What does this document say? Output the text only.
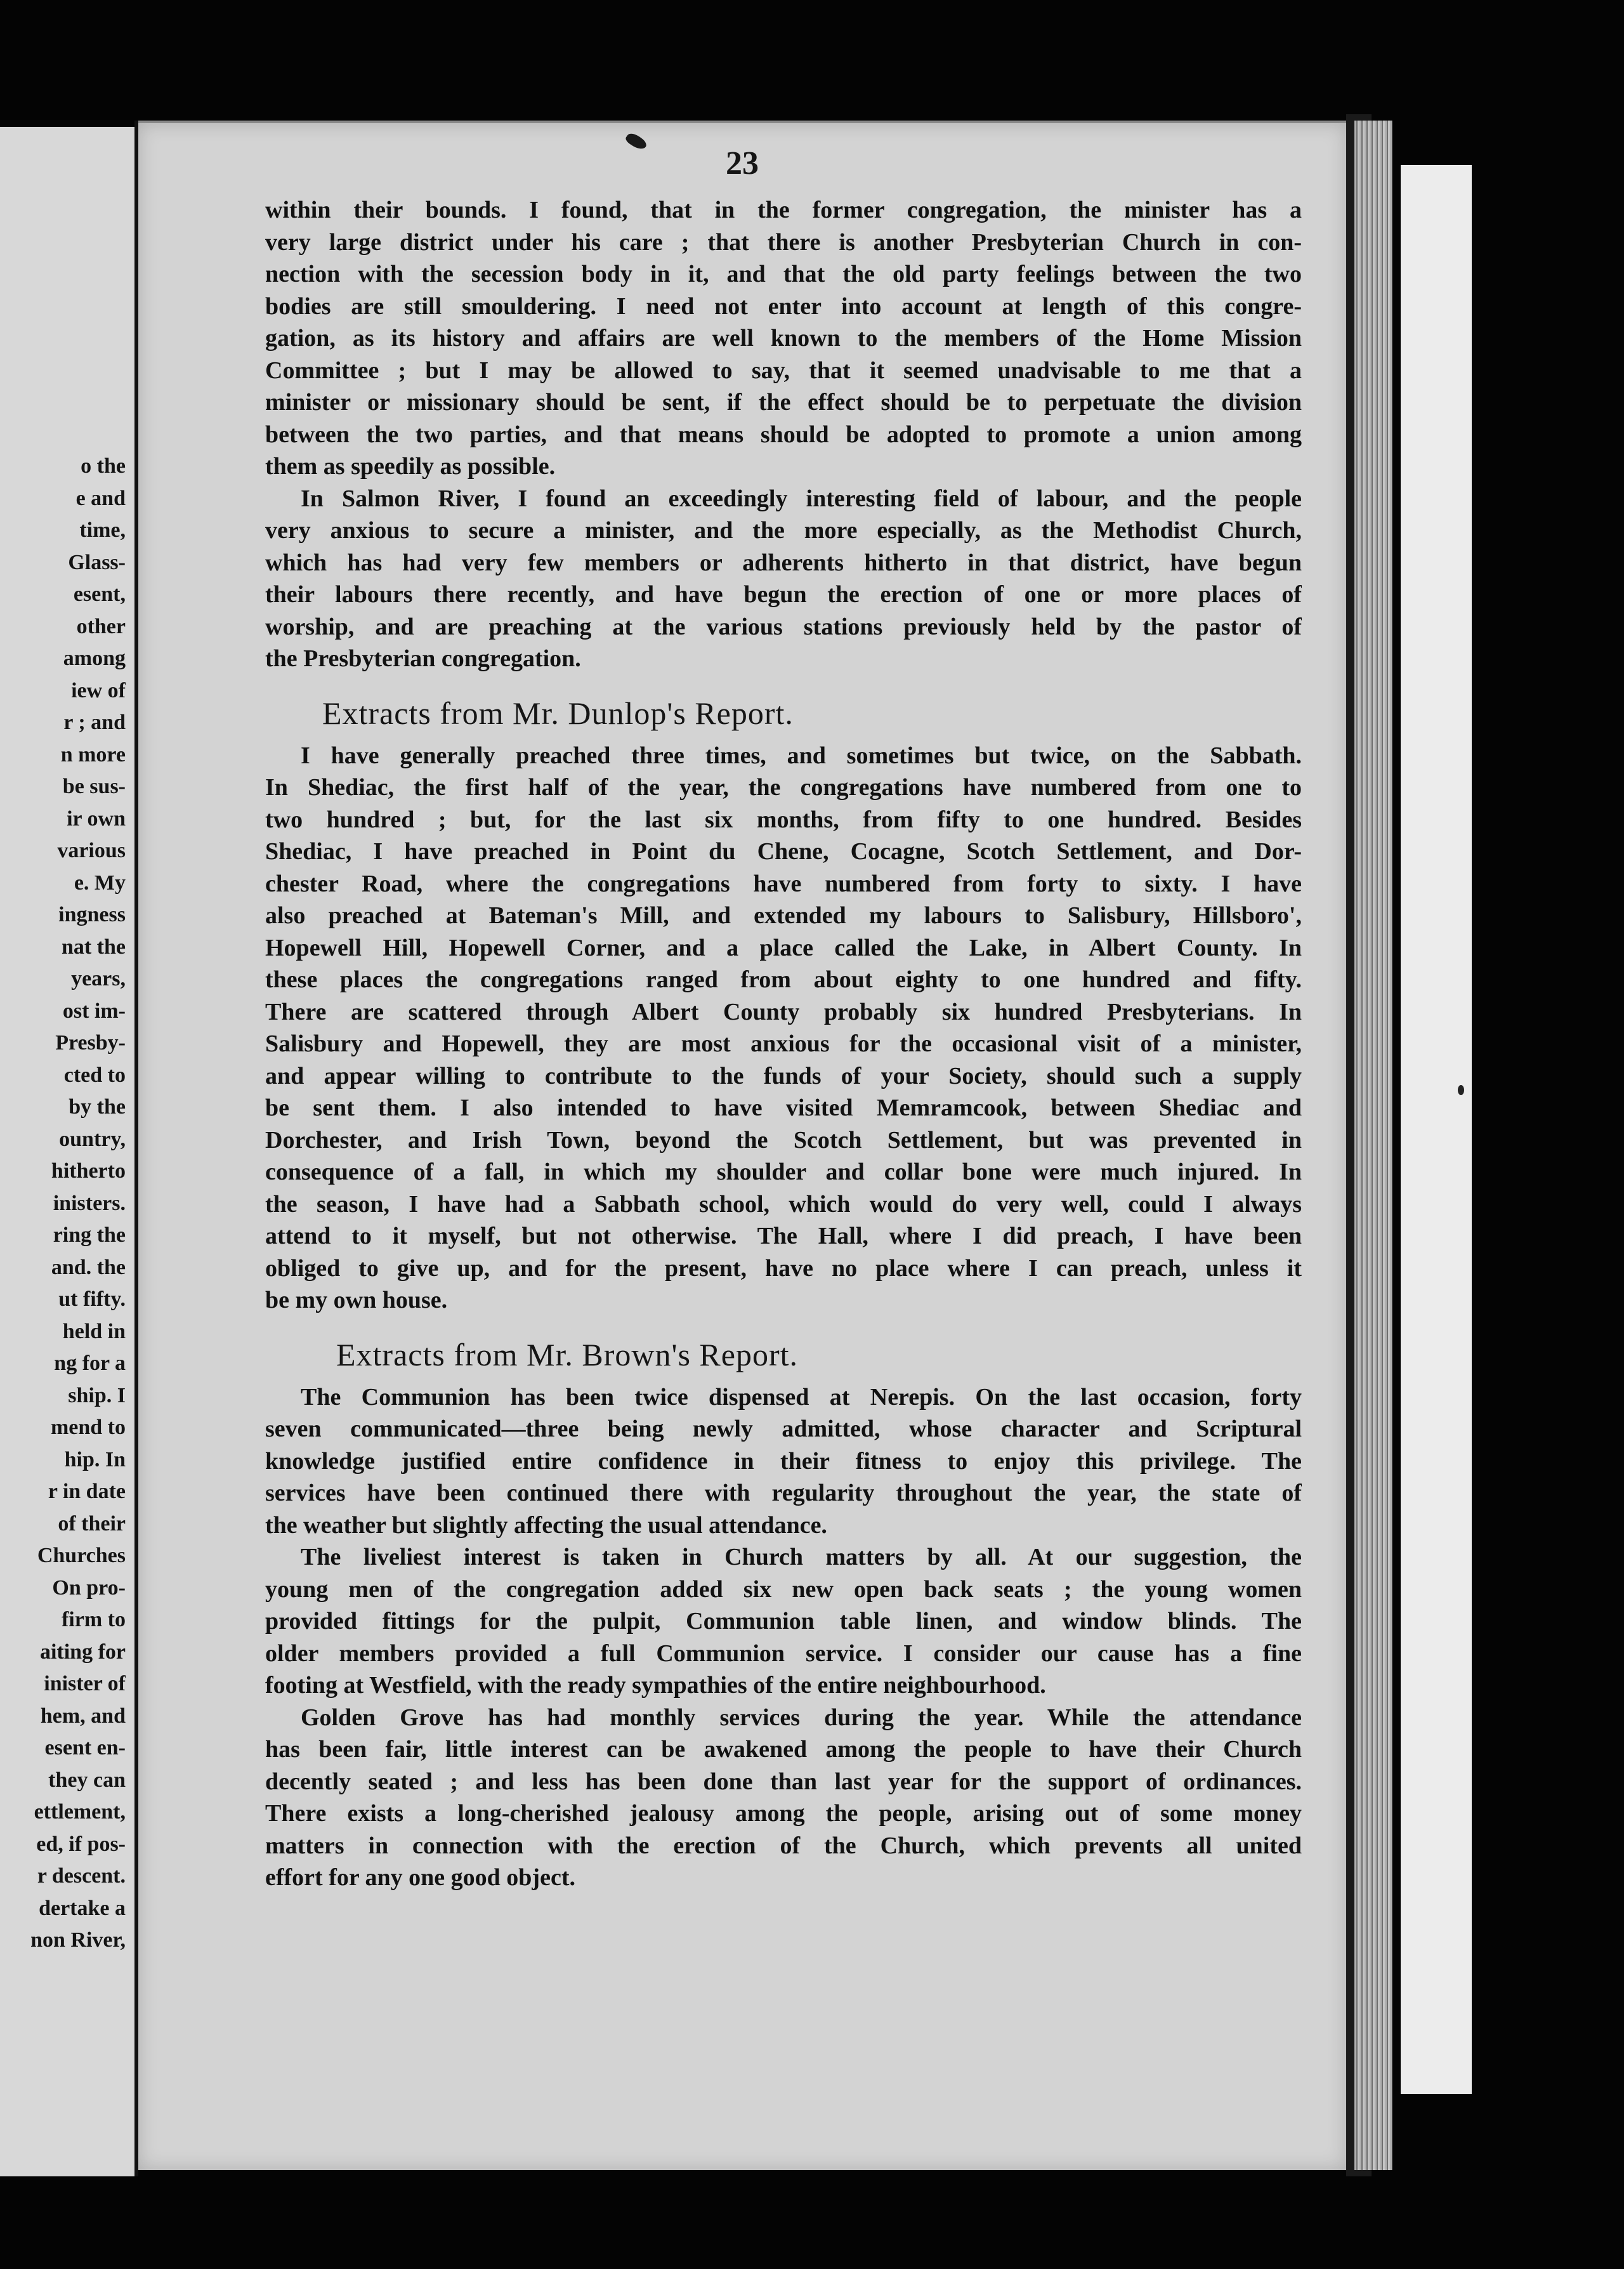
o the
e and
time,
Glass-
esent,
other
among
iew of
r ; and
n more
be sus-
ir own
various
e. My
ingness
nat the
years,
ost im-
Presby-
cted to
by the
ountry,
hitherto
inisters.
ring the
and. the
ut fifty.
held in
ng for a
ship. I
mend to
hip. In
r in date
of their
Churches
On pro-
firm to
aiting for
inister of
hem, and
esent en-
they can
ettlement,
ed, if pos-
r descent.
dertake a
non River,
23
within their bounds. I found, that in the former congregation, the minister has a
very large district under his care ; that there is another Presbyterian Church in con-
nection with the secession body in it, and that the old party feelings between the two
bodies are still smouldering. I need not enter into account at length of this congre-
gation, as its history and affairs are well known to the members of the Home Mission
Committee ; but I may be allowed to say, that it seemed unadvisable to me that a
minister or missionary should be sent, if the effect should be to perpetuate the division
between the two parties, and that means should be adopted to promote a union among
them as speedily as possible.
In Salmon River, I found an exceedingly interesting field of labour, and the people
very anxious to secure a minister, and the more especially, as the Methodist Church,
which has had very few members or adherents hitherto in that district, have begun
their labours there recently, and have begun the erection of one or more places of
worship, and are preaching at the various stations previously held by the pastor of
the Presbyterian congregation.
Extracts from Mr. Dunlop's Report.
I have generally preached three times, and sometimes but twice, on the Sabbath.
In Shediac, the first half of the year, the congregations have numbered from one to
two hundred ; but, for the last six months, from fifty to one hundred. Besides
Shediac, I have preached in Point du Chene, Cocagne, Scotch Settlement, and Dor-
chester Road, where the congregations have numbered from forty to sixty. I have
also preached at Bateman's Mill, and extended my labours to Salisbury, Hillsboro',
Hopewell Hill, Hopewell Corner, and a place called the Lake, in Albert County. In
these places the congregations ranged from about eighty to one hundred and fifty.
There are scattered through Albert County probably six hundred Presbyterians. In
Salisbury and Hopewell, they are most anxious for the occasional visit of a minister,
and appear willing to contribute to the funds of your Society, should such a supply
be sent them. I also intended to have visited Memramcook, between Shediac and
Dorchester, and Irish Town, beyond the Scotch Settlement, but was prevented in
consequence of a fall, in which my shoulder and collar bone were much injured. In
the season, I have had a Sabbath school, which would do very well, could I always
attend to it myself, but not otherwise. The Hall, where I did preach, I have been
obliged to give up, and for the present, have no place where I can preach, unless it
be my own house.
Extracts from Mr. Brown's Report.
The Communion has been twice dispensed at Nerepis. On the last occasion, forty
seven communicated—three being newly admitted, whose character and Scriptural
knowledge justified entire confidence in their fitness to enjoy this privilege. The
services have been continued there with regularity throughout the year, the state of
the weather but slightly affecting the usual attendance.
The liveliest interest is taken in Church matters by all. At our suggestion, the
young men of the congregation added six new open back seats ; the young women
provided fittings for the pulpit, Communion table linen, and window blinds. The
older members provided a full Communion service. I consider our cause has a fine
footing at Westfield, with the ready sympathies of the entire neighbourhood.
Golden Grove has had monthly services during the year. While the attendance
has been fair, little interest can be awakened among the people to have their Church
decently seated ; and less has been done than last year for the support of ordinances.
There exists a long-cherished jealousy among the people, arising out of some money
matters in connection with the erection of the Church, which prevents all united
effort for any one good object.
